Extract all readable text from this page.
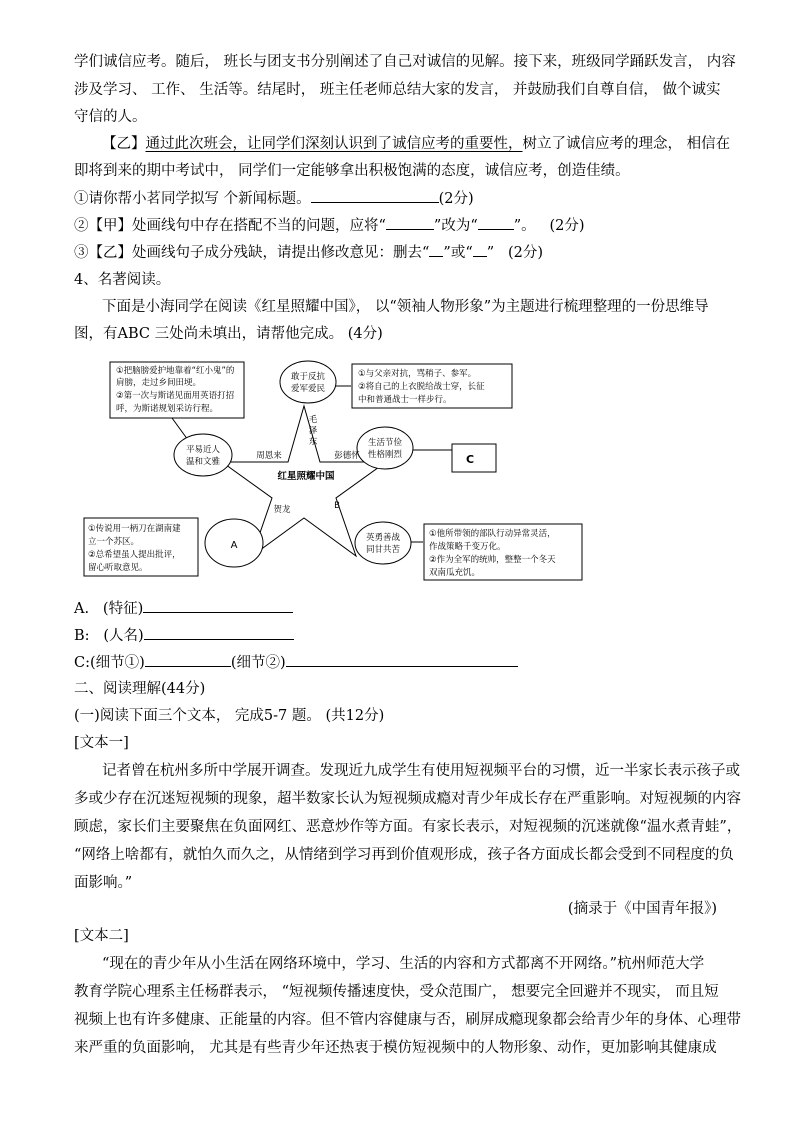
学们诚信应考。随后， 班长与团支书分别阐述了自己对诚信的见解。接下来，班级同学踊跃发言， 内容
涉及学习、 工作、 生活等。结尾时， 班主任老师总结大家的发言， 并鼓励我们自尊自信， 做个诚实
守信的人。
【乙】通过此次班会，让同学们深刻认识到了诚信应考的重要性，树立了诚信应考的理念， 相信在
即将到来的期中考试中， 同学们一定能够拿出积极饱满的态度，诚信应考，创造佳绩。
①请你帮小茗同学拟写 个新闻标题。	(2分)
②【甲】处画线句中存在搭配不当的问题，应将“	”改为“ ”。 (2分)
③【乙】处画线句子成分残缺，请提出修改意见：删去“ ”或“ ” (2分)
4、名著阅读。
下面是小海同学在阅读《红星照耀中国》， 以“领袖人物形象”为主题进行梳理整理的一份思维导
图，有ABC 三处尚未填出，请帮他完成。 (4分)
①把脑膀爱护地靠着“红小鬼”的
肩膀，走过乡间田埂。
②第一次与斯诺见面用英语打招
呼，为斯诺规划采访行程。
①与父亲对抗，骂稍子、参军。
②将自己的上衣脱给战士穿，长征
中和普通战士一样步行。
①传说用一柄刀在湖南建
立一个苏区。
②总希望虽人提出批评，
留心听取意见。
①他所带领的部队行动异常灵活，
作战策略千变万化。
②作为全军的统帅，整整一个冬天
双南瓜充饥。
敢于反抗
爱军爱民
平易近人
温和文雅
生活节俭
性格刚烈
英勇善战
同甘共苦
毛
泽
东
周恩来	彭德怀
红星照耀中国
贺龙	B
A
C
A. (特征)
B: (人名)
C:(细节①)	(细节②)
二、阅读理解(44分)
(一)阅读下面三个文本， 完成5-7 题。 (共12分)
[文本一]
记者曾在杭州多所中学展开调查。发现近九成学生有使用短视频平台的习惯，近一半家长表示孩子或
多或少存在沉迷短视频的现象，超半数家长认为短视频成瘾对青少年成长存在严重影响。对短视频的内容
顾虑，家长们主要聚焦在负面网红、恶意炒作等方面。有家长表示，对短视频的沉迷就像“温水煮青蛙”，
“网络上啥都有，就怕久而久之，从情绪到学习再到价值观形成，孩子各方面成长都会受到不同程度的负
面影响。”
(摘录于《中国青年报》)
[文本二]
“现在的青少年从小生活在网络环境中，学习、生活的内容和方式都离不开网络。”杭州师范大学
教育学院心理系主任杨群表示， “短视频传播速度快，受众范围广， 想要完全回避并不现实， 而且短
视频上也有许多健康、正能量的内容。但不管内容健康与否，刷屏成瘾现象都会给青少年的身体、心理带
来严重的负面影响， 尤其是有些青少年还热衷于模仿短视频中的人物形象、动作，更加影响其健康成
